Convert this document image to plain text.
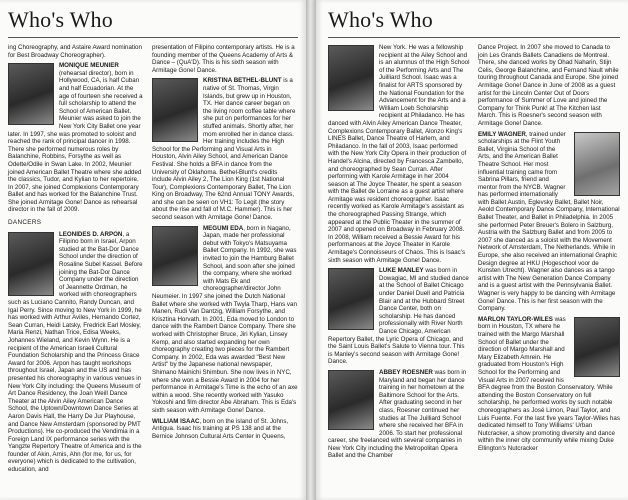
Who's Who

ing Choreography, and Astaire Award nomination for Best Broadway Choreographer).

MONIQUE MEUNIER (rehearsal director), born in Hollywood, CA, is half Cuban and half Ecuadorian. At the age of fourteen she received a full scholarship to attend the School of American Ballet. Meunier was asked to join the New York City Ballet one year later. In 1997, she was promoted to soloist and reached the rank of principal dancer in 1998. There she performed numerous roles by Balanchine, Robbins, Forsythe as well as Odette/Odile in Swan Lake. In 2002, Meunier joined American Ballet Theatre where she added the classics, Tudor, and Kylian to her repertoire. In 2007, she joined Complexions Contemporary Ballet and has worked for the Balanchine Trust. She joined Armitage Gone! Dance as rehearsal director in the fall of 2009.

DANCERS

LEONIDES D. ARPON, a Filipino born in Israel, Arpon studied at the Bat-Dor Dance School under the direction of Rosaline Subel Kassel. Before joining the Bat-Dor Dance Company under the direction of Jeannette Ordman, he worked with choreographers such as Luciano Cannito, Randy Duncan, and Igal Perry. Since moving to New York in 1999, he has worked with Arthur Aviles, Hernando Cortez, Sean Curran, Heidi Latsky, Fredrick Earl Mosley, Maria Renzi, Nathan Trice, Edisa Weeks, Johannes Wieland, and Kevin Wynn. He is a recipient of the American Israeli Cultural Foundation Scholarship and the Princess Grace Award for 2006. Arpon has taught workshops throughout Israel, Japan and the US and has presented his choreography in various venues in New York City including: the Queens Museum of Art Dance Residency, the Joan Weill Dance Theater at the Alvin Ailey American Dance School, the Uptown/Downtown Dance Series at Aaron Davis Hall, the Harry De Jur Playhouse, and Dance New Amsterdam (sponsored by PMT Productions). He co-produced the Vendimia in a Foreign Land IX performance series with the Yangzte Repertory Theatre of America and is the founder of Akin, Arnis, Ahn (for me, for us, for everyone) which is dedicated to the cultivation, education, and

presentation of Filipino contemporary artists. He is a founding member of the Queens Academy of Arts & Dance – (QuA'D). This is his sixth season with Armitage Gone! Dance.

KRISTINA BETHEL-BLUNT is a native of St. Thomas, Virgin Islands, but grew up in Houston, TX. Her dance career began on the living room coffee table where she put on performances for her stuffed animals. Shortly after, her mom enrolled her in dance class. Her training includes the High School for the Performing and Visual Arts in Houston, Alvin Ailey School, and American Dance Festival. She holds a BFA in dance from the University of Oklahoma. Bethel-Blunt's credits include Alvin Ailey 2, The Lion King (1st National Tour), Complexions Contemporary Ballet, The Lion King on Broadway, The 62nd Annual TONY Awards, and she can be seen on VH1: To Legit (the story about the rise and fall of M.C. Hammer). This is her second season with Armitage Gone! Dance.

MEGUMI EDA, born in Nagano, Japan, made her professional debut with Tokyo's Matsuyama Ballet Company. In 1992, she was invited to join the Hamburg Ballet School, and soon after she joined the company, where she worked with Mats Ek and choreographer/director John Neumeier. In 1997 she joined the Dutch National Ballet where she worked with Twyla Tharp, Hans van Manen, Rudi Van Dantzig, William Forsythe, and Krisztina Horvath. In 2001, Eda moved to London to dance with the Rambert Dance Company. There she worked with Christopher Bruce, Jiri Kylian, Linsey Kemp, and also started expanding her own choreography creating two pieces for the Rambert Company. In 2002, Eda was awarded "Best New Artist" by the Japanese national newspaper, Shimano Mainichi Shimbun. She now lives in NYC, where she won a Bessie Award in 2004 for her performance in Armitage's Time is the echo of an axe within a wood. She recently worked with Yasuko Yokoshi and film director Abe Abraham. This is Eda's sixth season with Armitage Gone! Dance.

WILLIAM ISAAC, born on the island of St. Johns, Antigua. Isaac his training at PS 138 and at the Bernice Johnson Cultural Arts Center in Queens,

Who's Who

New York. He was a fellowship recipient at the Ailey School and is an alumnus of the High School of the Performing Arts and The Juilliard School. Isaac was a finalist for ARTS sponsored by the National Foundation for the Advancement for the Arts and a William Loeb Scholarship recipient at Philadanco. He has danced with Alvin Ailey American Dance Theater, Complexions Contemporary Ballet, Alonzo King's LINES Ballet, Dance Theatre of Harlem, and Philadanco. In the fall of 2003, Isaac performed with the New York City Opera in their production of Handel's Alcina, directed by Francesca Zambello, and choreographed by Sean Curran. After performing with Karole Armitage in her 2004 season at The Joyce Theater, he spent a season with the Ballet de Lorraine as a guest artist where Armitage was resident choreographer. Isaac recently worked as Karole Armitage's assistant as the choreographed Passing Strange, which appeared at the Public Theater in the summer of 2007 and opened on Broadway in February 2008. In 2008, William received a Bessie Award for his performances at the Joyce Theater in Karole Armitage's Connoisseurs of Chaos. This is Isaac's sixth season with Armitage Gone! Dance.

LUKE MANLEY was born in Dowagiac, MI and studied dance at the School of Ballet Chicago under Daniel Duell and Patricia Blair and at the Hubbard Street Dance Center, both on scholarship. He has danced professionally with River North Dance Chicago, American Repertory Ballet, the Lyric Opera of Chicago, and the Saint Louis Ballet's Salute to Vienna tour. This is Manley's second season with Armitage Gone! Dance.

ABBEY ROESNER was born in Maryland and began her dance training in her hometown at the Baltimore School for the Arts. After graduating second in her class, Roesner continued her studies at The Juilliard School where she received her BFA in 2006. To start her professional career, she freelanced with several companies in New York City including the Metropolitan Opera Ballet and the Chamber

Dance Project. In 2007 she moved to Canada to join Les Grands Ballets Canadiens de Montreal. There, she danced works by Ohad Naharin, Stijn Celis, George Balanchine, and Fernand Nault while touring throughout Canada and Europe. She joined Armitage Gone! Dance in June of 2008 as a guest artist for the Lincoln Center Out of Doors performance of Summer of Love and joined the Company for Think Punk! at The Kitchen last March. This is Roesner's second season with Armitage Gone! Dance.

EMILY WAGNER, trained under scholarships at the Flint Youth Ballet, Virginia School of the Arts, and the American Ballet Theatre School. Her most influential training came from Sabrina Pillars, friend and mentor from the NYCB. Wagner has performed internationally with Ballet Austin, Eglevsky Ballet, Ballet Noir, Aeold Contemporary Dance Company, International Ballet Theater, and Ballet in Philadelphia. In 2005 she performed Peter Breuer's Bolero in Salzburg, Austria with the Salzburg Ballet and from 2005 to 2007 she danced as a soloist with the Movement Network of Amsterdam, The Netherlands. While in Europe, she also received an international Graphic Design degree at HKU (Hogeschool voor de Kunsten Utrecht). Wagner also dances as a tango artist with The New Generation Dance Company and is a guest artist with the Pennsylvania Ballet. Wagner is very happy to be dancing with Armitage Gone! Dance. This is her first season with the Company.

MARLON TAYLOR-WILES was born in Houston, TX where he trained with the Margo Marshall School of Ballet under the direction of Margo Marshall and Mary Elizabeth Amrein. He graduated from Houston's High School for the Performing and Visual Arts in 2007 received his BFA degree from the Boston Conservatory. While attending the Boston Conservatory on full scholarship, he performed works by such notable choreographers as José Limon, Paul Taylor, and Luis Fuente. For the last five years Taylor-Wiles has dedicated himself to Tony Williams' Urban Nutcracker, a show promoting diversity and dance within the inner city community while mixing Duke Ellington's Nutcracker
